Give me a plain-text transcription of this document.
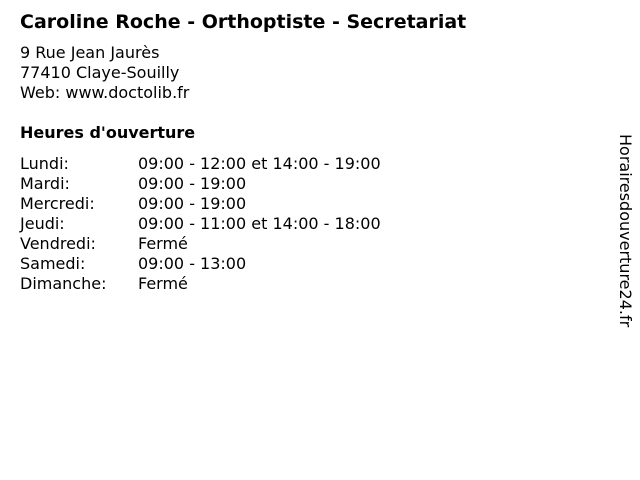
Caroline Roche - Orthoptiste - Secretariat
9 Rue Jean Jaurès
77410 Claye-Souilly
Web: www.doctolib.fr
Heures d'ouverture
Lundi:	09:00 - 12:00 et 14:00 - 19:00
Mardi:	09:00 - 19:00
Mercredi:	09:00 - 19:00
Jeudi:	09:00 - 11:00 et 14:00 - 18:00
Vendredi:	Fermé
Samedi:	09:00 - 13:00
Dimanche:	Fermé	Horairesdouverture24.fr
